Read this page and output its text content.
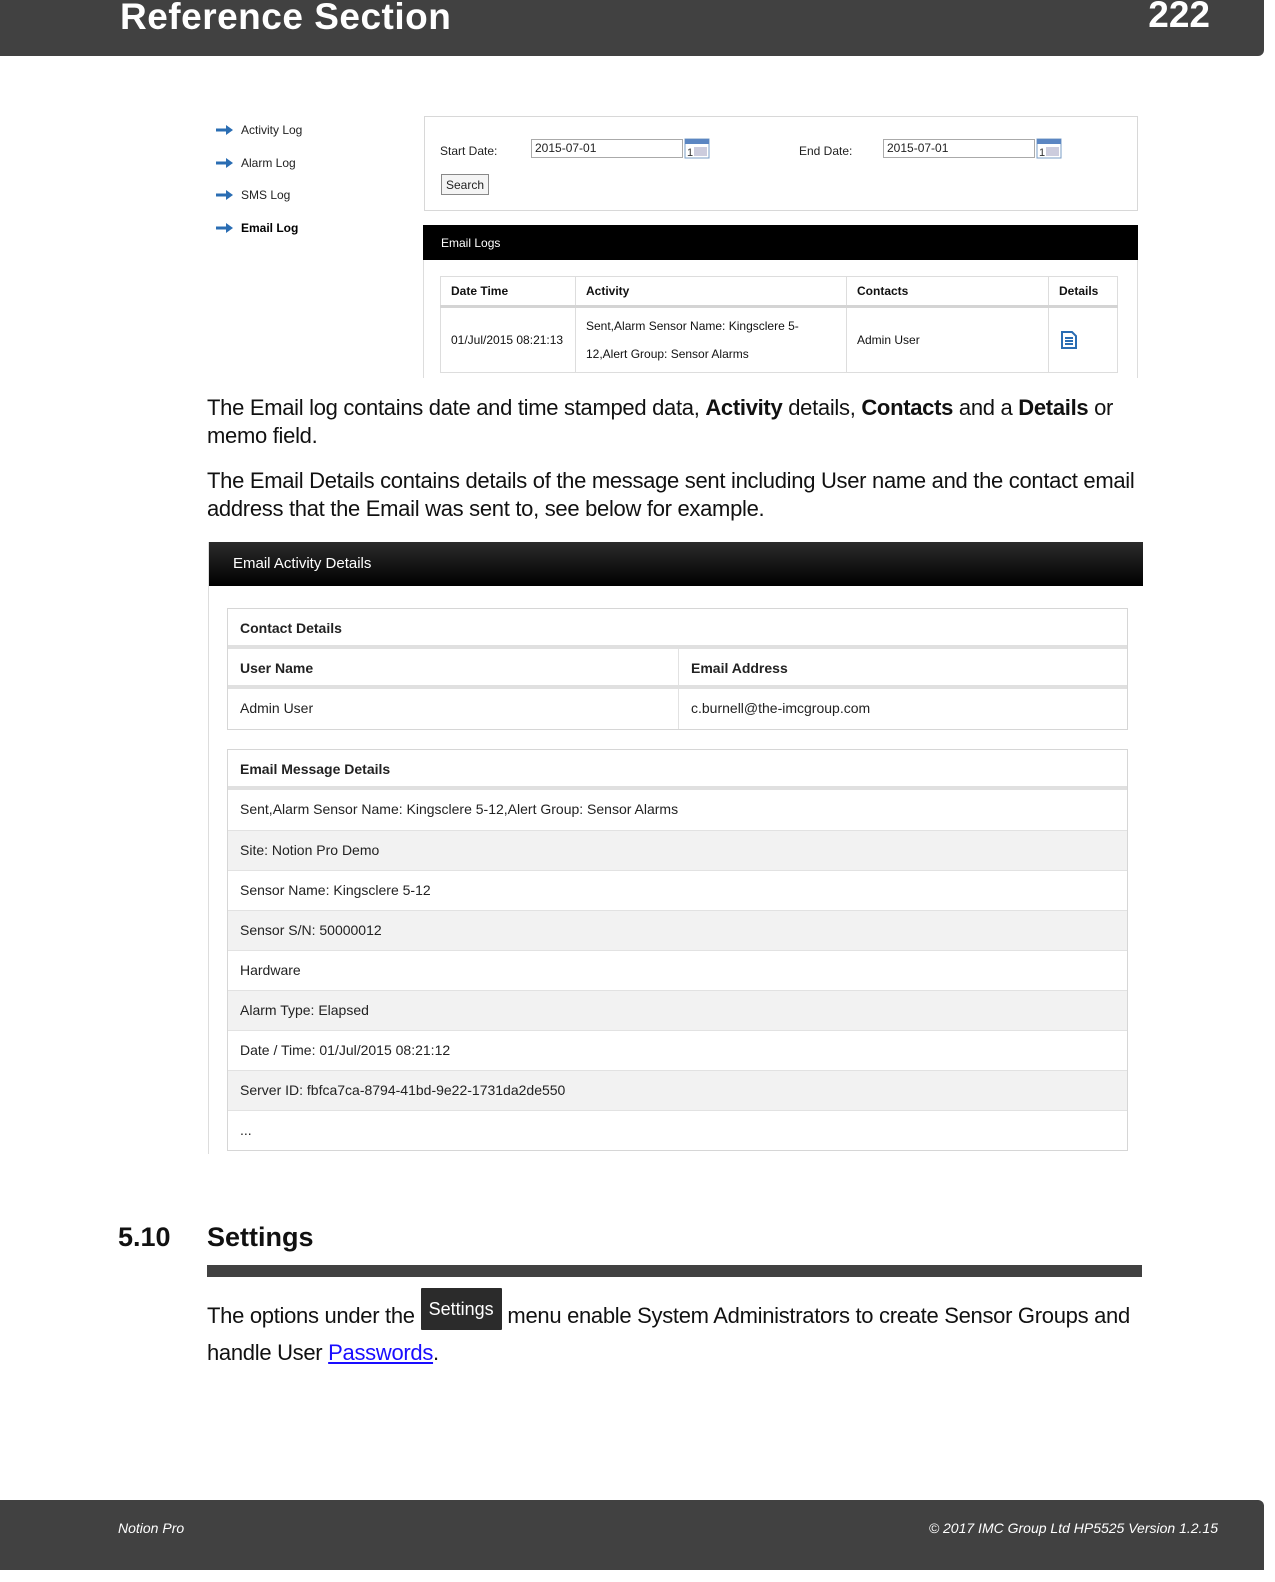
Reference Section	222
Activity Log
Alarm Log
SMS Log
Email Log
Start Date:	2015-07-01	1	End Date:	2015-07-01	1
Search
Email Logs
Date Time	Activity	Contacts	Details
01/Jul/2015 08:21:13	Sent,Alarm Sensor Name: Kingsclere 5-12,Alert Group: Sensor Alarms	Admin User	

The Email log contains date and time stamped data, Activity details, Contacts and a Details or memo field.

The Email Details contains details of the message sent including User name and the contact email address that the Email was sent to, see below for example.

Email Activity Details
Contact Details
User Name	Email Address
Admin User	c.burnell@the-imcgroup.com
Email Message Details
Sent,Alarm Sensor Name: Kingsclere 5-12,Alert Group: Sensor Alarms
Site: Notion Pro Demo
Sensor Name: Kingsclere 5-12
Sensor S/N: 50000012
Hardware
Alarm Type: Elapsed
Date / Time: 01/Jul/2015 08:21:12
Server ID: fbfca7ca-8794-41bd-9e22-1731da2de550
...
5.10 Settings

The options under the Settings menu enable System Administrators to create Sensor Groups and handle User Passwords.

Notion Pro	© 2017 IMC Group Ltd HP5525 Version 1.2.15
